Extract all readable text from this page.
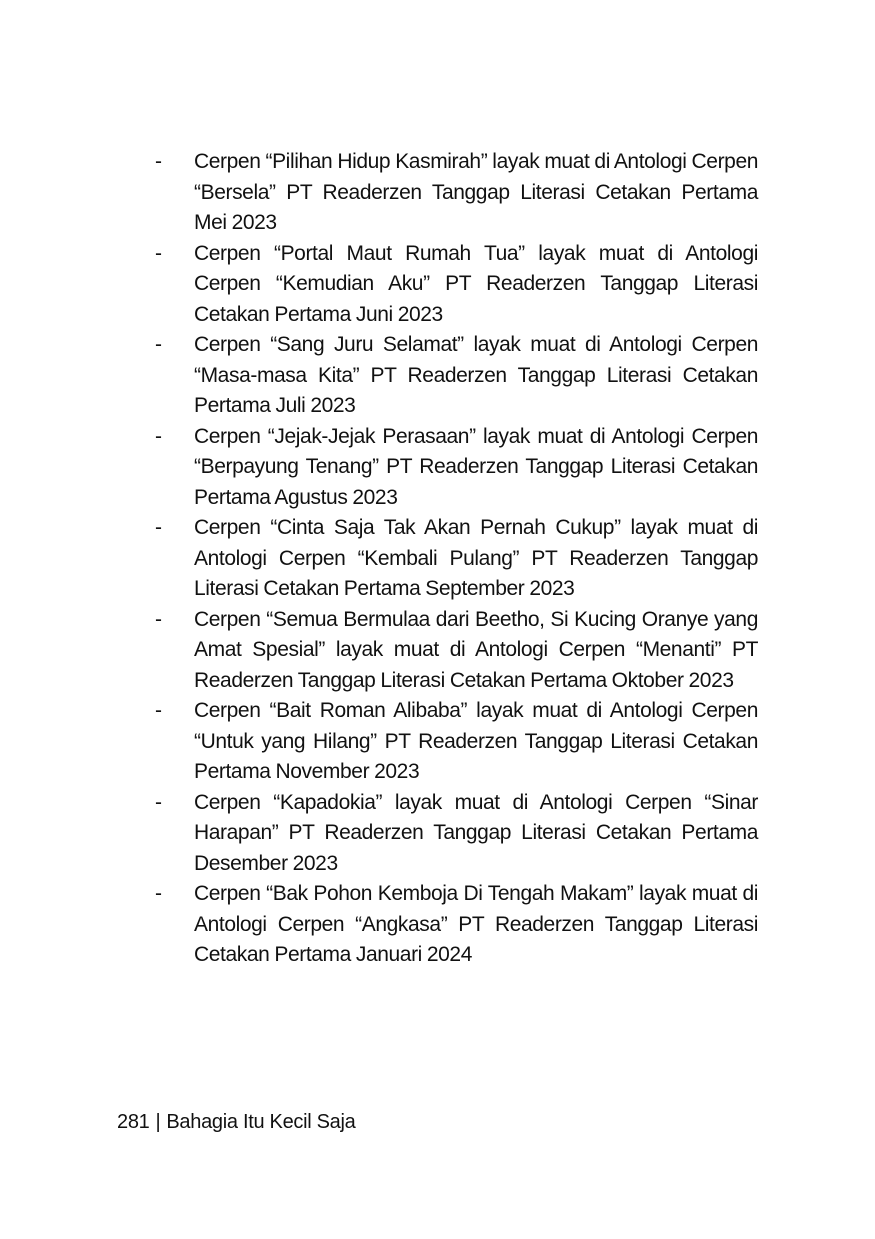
-	Cerpen “Pilihan Hidup Kasmirah” layak muat di Antologi Cerpen “Bersela” PT Readerzen Tanggap Literasi Cetakan Pertama Mei 2023
-	Cerpen “Portal Maut Rumah Tua” layak muat di Antologi Cerpen “Kemudian Aku” PT Readerzen Tanggap Literasi Cetakan Pertama Juni 2023
-	Cerpen “Sang Juru Selamat” layak muat di Antologi Cerpen “Masa-masa Kita” PT Readerzen Tanggap Literasi Cetakan Pertama Juli 2023
-	Cerpen “Jejak-Jejak Perasaan” layak muat di Antologi Cerpen “Berpayung Tenang” PT Readerzen Tanggap Literasi Cetakan Pertama Agustus 2023
-	Cerpen “Cinta Saja Tak Akan Pernah Cukup” layak muat di Antologi Cerpen “Kembali Pulang” PT Readerzen Tanggap Literasi Cetakan Pertama September 2023
-	Cerpen “Semua Bermulaa dari Beetho, Si Kucing Oranye yang Amat Spesial” layak muat di Antologi Cerpen “Menanti” PT Readerzen Tanggap Literasi Cetakan Pertama Oktober 2023
-	Cerpen “Bait Roman Alibaba” layak muat di Antologi Cerpen “Untuk yang Hilang” PT Readerzen Tanggap Literasi Cetakan Pertama November 2023
-	Cerpen “Kapadokia” layak muat di Antologi Cerpen “Sinar Harapan” PT Readerzen Tanggap Literasi Cetakan Pertama Desember 2023
-	Cerpen “Bak Pohon Kemboja Di Tengah Makam” layak muat di Antologi Cerpen “Angkasa” PT Readerzen Tanggap Literasi Cetakan Pertama Januari 2024
281 | Bahagia Itu Kecil Saja
